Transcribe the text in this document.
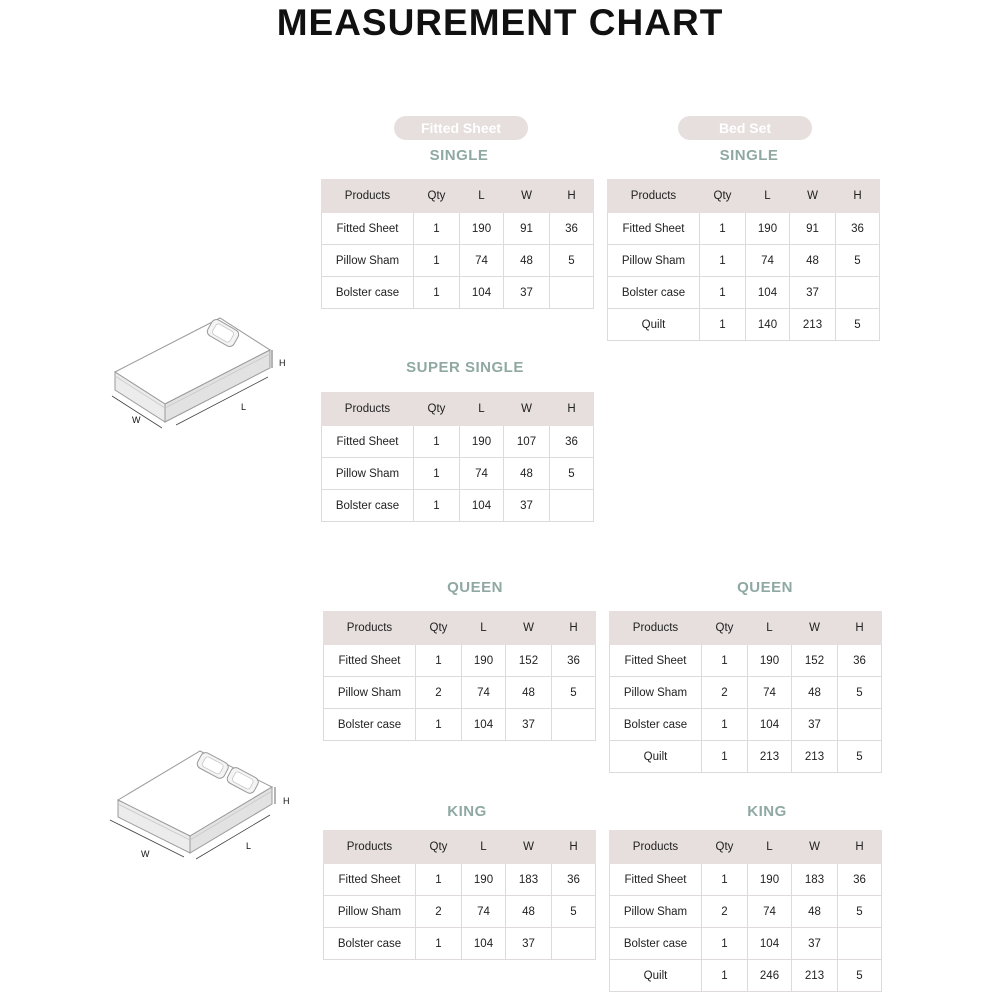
MEASUREMENT CHART
Fitted Sheet	Bed Set
H
W
L
H
W
L
SINGLE
Products	Qty	L	W	H
Fitted Sheet	1	190	91	36
Pillow Sham	1	74	48	5
Bolster case	1	104	37	
SINGLE
Products	Qty	L	W	H
Fitted Sheet	1	190	91	36
Pillow Sham	1	74	48	5
Bolster case	1	104	37	
Quilt	1	140	213	5
SUPER SINGLE
Products	Qty	L	W	H
Fitted Sheet	1	190	107	36
Pillow Sham	1	74	48	5
Bolster case	1	104	37	
QUEEN
Products	Qty	L	W	H
Fitted Sheet	1	190	152	36
Pillow Sham	2	74	48	5
Bolster case	1	104	37	
QUEEN
Products	Qty	L	W	H
Fitted Sheet	1	190	152	36
Pillow Sham	2	74	48	5
Bolster case	1	104	37	
Quilt	1	213	213	5
KING
Products	Qty	L	W	H
Fitted Sheet	1	190	183	36
Pillow Sham	2	74	48	5
Bolster case	1	104	37	
KING
Products	Qty	L	W	H
Fitted Sheet	1	190	183	36
Pillow Sham	2	74	48	5
Bolster case	1	104	37	
Quilt	1	246	213	5
